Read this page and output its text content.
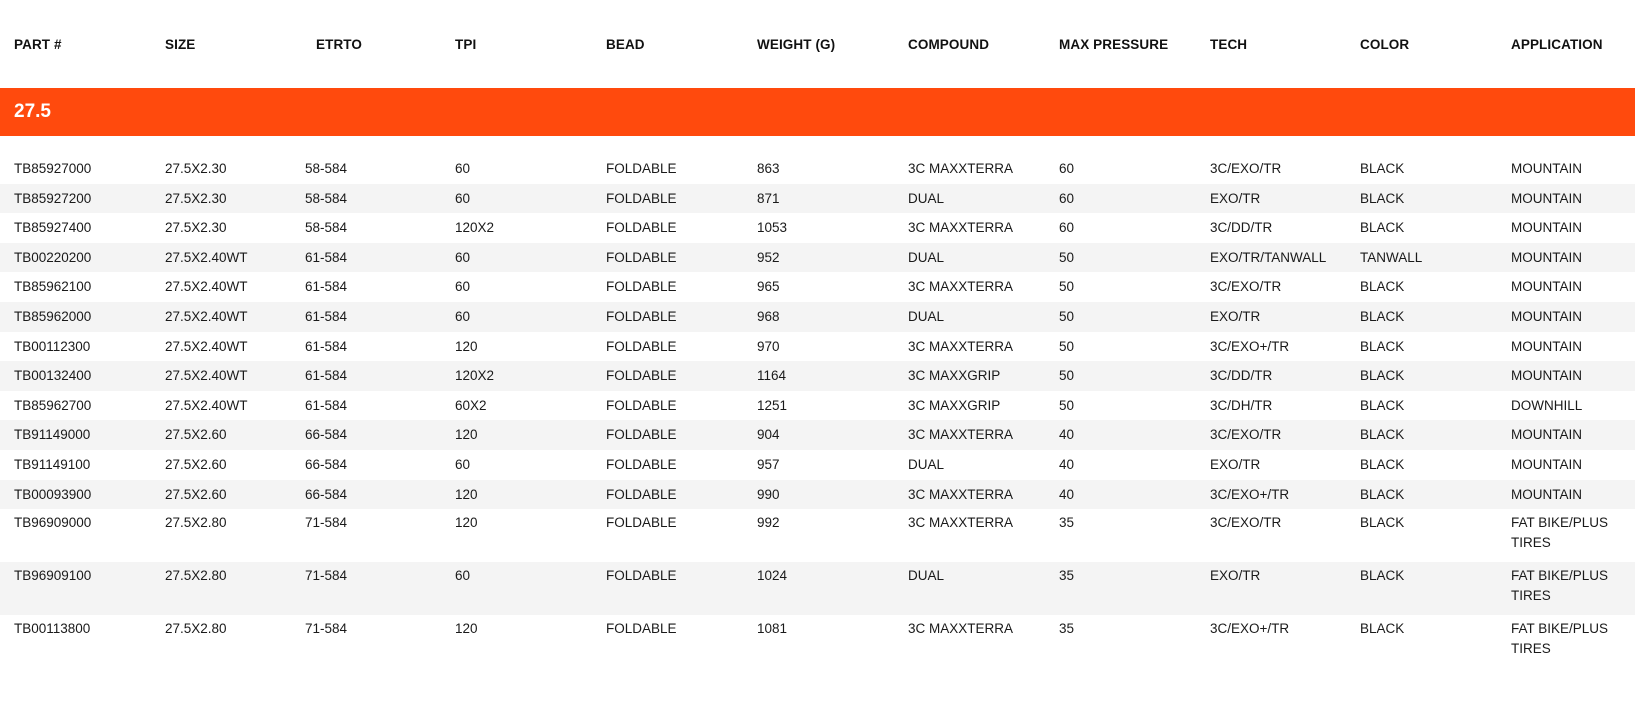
PART #	SIZE	ETRTO	TPI	BEAD	WEIGHT (G)	COMPOUND	MAX PRESSURE	TECH	COLOR	APPLICATION
27.5										

TB85927000	27.5X2.30	58-584	60	FOLDABLE	863	3C MAXXTERRA	60	3C/EXO/TR	BLACK	MOUNTAIN
TB85927200	27.5X2.30	58-584	60	FOLDABLE	871	DUAL	60	EXO/TR	BLACK	MOUNTAIN
TB85927400	27.5X2.30	58-584	120X2	FOLDABLE	1053	3C MAXXTERRA	60	3C/DD/TR	BLACK	MOUNTAIN
TB00220200	27.5X2.40WT	61-584	60	FOLDABLE	952	DUAL	50	EXO/TR/TANWALL	TANWALL	MOUNTAIN
TB85962100	27.5X2.40WT	61-584	60	FOLDABLE	965	3C MAXXTERRA	50	3C/EXO/TR	BLACK	MOUNTAIN
TB85962000	27.5X2.40WT	61-584	60	FOLDABLE	968	DUAL	50	EXO/TR	BLACK	MOUNTAIN
TB00112300	27.5X2.40WT	61-584	120	FOLDABLE	970	3C MAXXTERRA	50	3C/EXO+/TR	BLACK	MOUNTAIN
TB00132400	27.5X2.40WT	61-584	120X2	FOLDABLE	1164	3C MAXXGRIP	50	3C/DD/TR	BLACK	MOUNTAIN
TB85962700	27.5X2.40WT	61-584	60X2	FOLDABLE	1251	3C MAXXGRIP	50	3C/DH/TR	BLACK	DOWNHILL
TB91149000	27.5X2.60	66-584	120	FOLDABLE	904	3C MAXXTERRA	40	3C/EXO/TR	BLACK	MOUNTAIN
TB91149100	27.5X2.60	66-584	60	FOLDABLE	957	DUAL	40	EXO/TR	BLACK	MOUNTAIN
TB00093900	27.5X2.60	66-584	120	FOLDABLE	990	3C MAXXTERRA	40	3C/EXO+/TR	BLACK	MOUNTAIN
TB96909000	27.5X2.80	71-584	120	FOLDABLE	992	3C MAXXTERRA	35	3C/EXO/TR	BLACK	FAT BIKE/PLUS TIRES
TB96909100	27.5X2.80	71-584	60	FOLDABLE	1024	DUAL	35	EXO/TR	BLACK	FAT BIKE/PLUS TIRES
TB00113800	27.5X2.80	71-584	120	FOLDABLE	1081	3C MAXXTERRA	35	3C/EXO+/TR	BLACK	FAT BIKE/PLUS TIRES
